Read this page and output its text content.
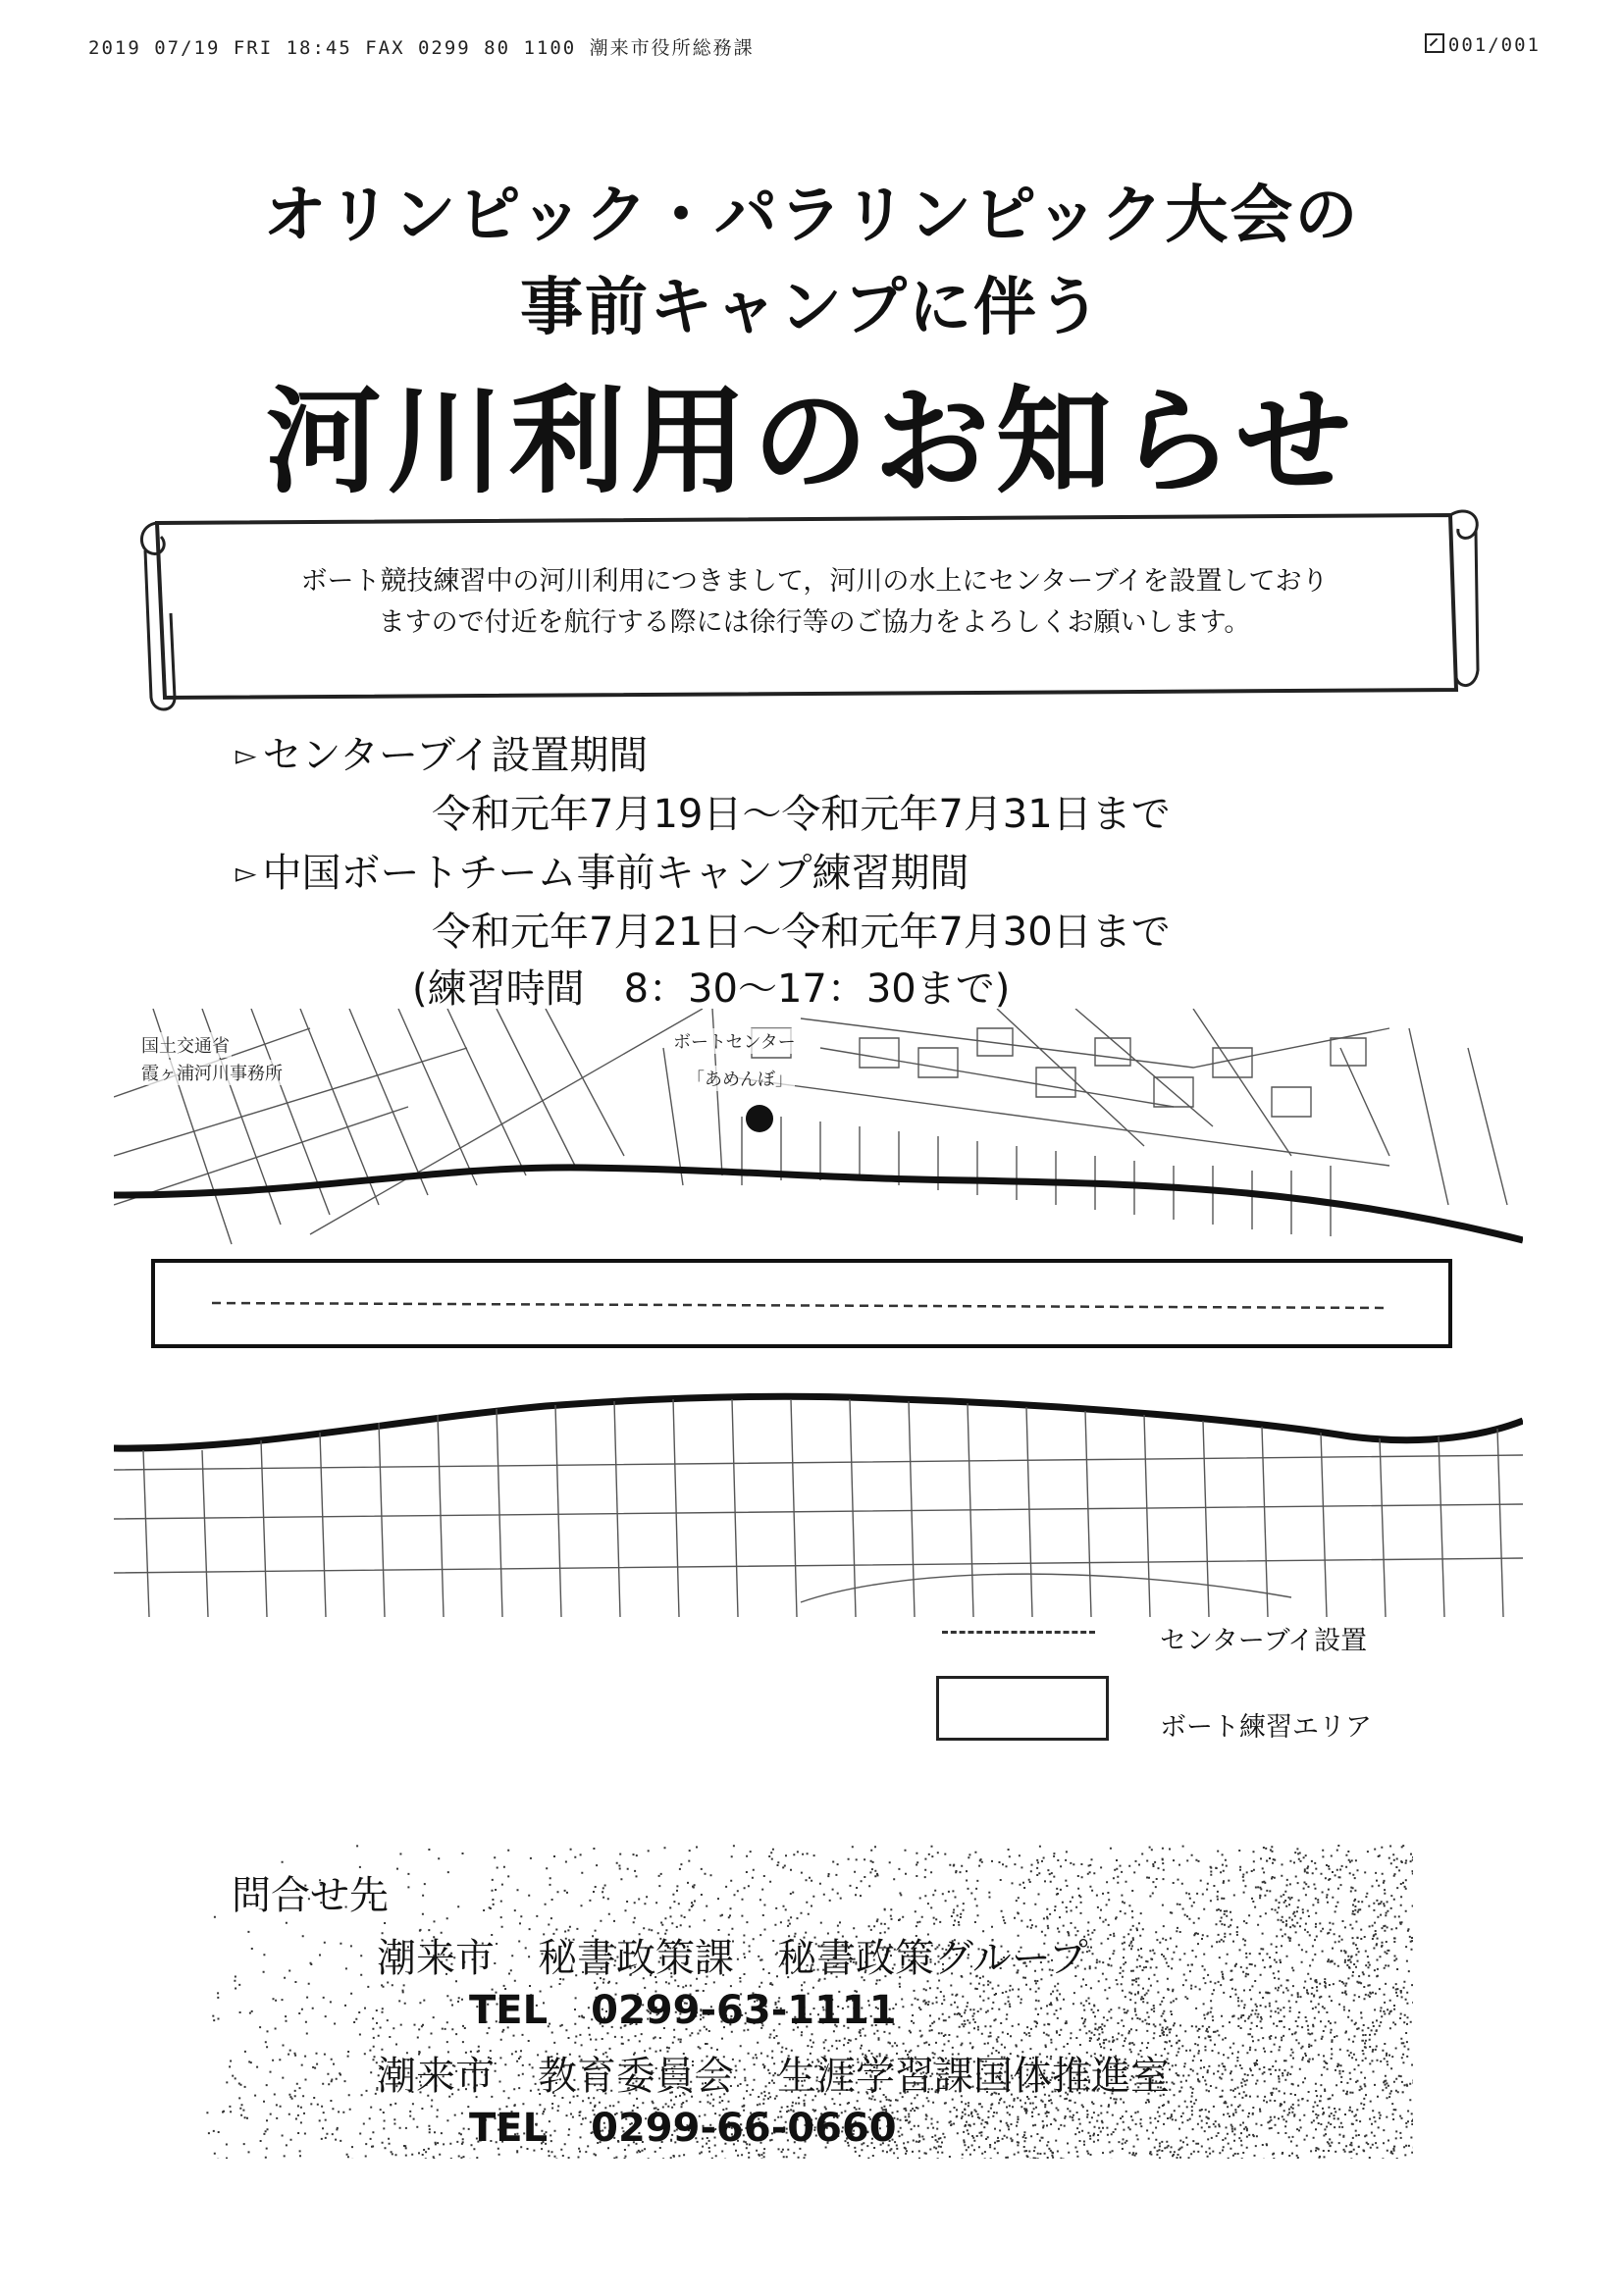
2019 07/19 FRI 18:45 FAX 0299 80 1100 潮来市役所総務課	001/001
オリンピック・パラリンピック大会の
事前キャンプに伴う
河川利用のお知らせ
ボート競技練習中の河川利用につきまして，河川の水上にセンターブイを設置しており
ますので付近を航行する際には徐行等のご協力をよろしくお願いします。
▻ センターブイ設置期間
令和元年7月19日～令和元年7月31日まで
▻ 中国ボートチーム事前キャンプ練習期間
令和元年7月21日～令和元年7月30日まで
(練習時間　8：30～17：30まで)
国土交通省
霞ヶ浦河川事務所
ボートセンター
「あめんぼ」
センターブイ設置
ボート練習エリア
問合せ先
潮来市 秘書政策課 秘書政策グループ
TEL 0299-63-1111
潮来市 教育委員会 生涯学習課国体推進室
TEL 0299-66-0660
